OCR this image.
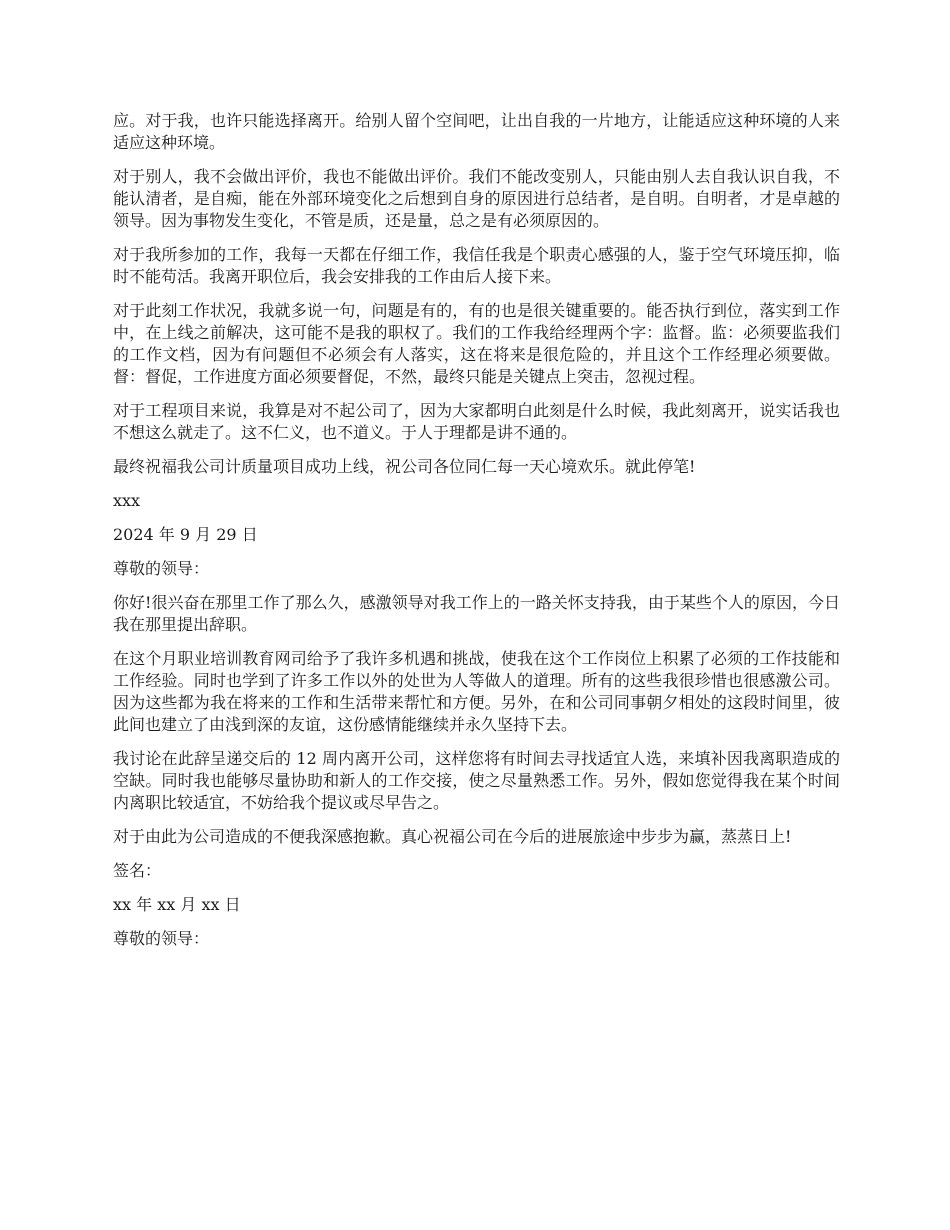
应。对于我，也许只能选择离开。给别人留个空间吧，让出自我的一片地方，让能适应这种环境的人来适应这种环境。

对于别人，我不会做出评价，我也不能做出评价。我们不能改变别人，只能由别人去自我认识自我，不能认清者，是自痴，能在外部环境变化之后想到自身的原因进行总结者，是自明。自明者，才是卓越的领导。因为事物发生变化，不管是质，还是量，总之是有必须原因的。

对于我所参加的工作，我每一天都在仔细工作，我信任我是个职责心感强的人，鉴于空气环境压抑，临时不能苟活。我离开职位后，我会安排我的工作由后人接下来。

对于此刻工作状况，我就多说一句，问题是有的，有的也是很关键重要的。能否执行到位，落实到工作中，在上线之前解决，这可能不是我的职权了。我们的工作我给经理两个字：监督。监：必须要监我们的工作文档，因为有问题但不必须会有人落实，这在将来是很危险的，并且这个工作经理必须要做。督：督促，工作进度方面必须要督促，不然，最终只能是关键点上突击，忽视过程。

对于工程项目来说，我算是对不起公司了，因为大家都明白此刻是什么时候，我此刻离开，说实话我也不想这么就走了。这不仁义，也不道义。于人于理都是讲不通的。

最终祝福我公司计质量项目成功上线，祝公司各位同仁每一天心境欢乐。就此停笔!

xxx

2024 年 9 月 29 日

尊敬的领导：

你好!很兴奋在那里工作了那么久，感激领导对我工作上的一路关怀支持我，由于某些个人的原因，今日我在那里提出辞职。

在这个月职业培训教育网司给予了我许多机遇和挑战，使我在这个工作岗位上积累了必须的工作技能和工作经验。同时也学到了许多工作以外的处世为人等做人的道理。所有的这些我很珍惜也很感激公司。因为这些都为我在将来的工作和生活带来帮忙和方便。另外，在和公司同事朝夕相处的这段时间里，彼此间也建立了由浅到深的友谊，这份感情能继续并永久坚持下去。

我讨论在此辞呈递交后的 12 周内离开公司，这样您将有时间去寻找适宜人选，来填补因我离职造成的空缺。同时我也能够尽量协助和新人的工作交接，使之尽量熟悉工作。另外，假如您觉得我在某个时间内离职比较适宜，不妨给我个提议或尽早告之。

对于由此为公司造成的不便我深感抱歉。真心祝福公司在今后的进展旅途中步步为赢，蒸蒸日上!

签名：

xx 年 xx 月 xx 日

尊敬的领导：
